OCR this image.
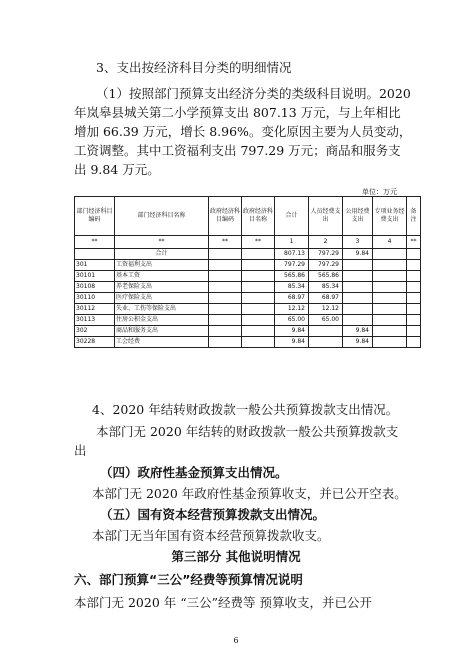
3、支出按经济科目分类的明细情况
（1）按照部门预算支出经济分类的类级科目说明。2020
年岚皋县城关第二小学预算支出 807.13 万元，与上年相比
增加 66.39 万元，增长 8.96%。变化原因主要为人员变动，
工资调整。其中工资福利支出 797.29 万元；商品和服务支
出 9.84 万元。
单位：万元
部门经济科目编码	部门经济科目名称	政府经济科目编码	政府经济科目名称	合计	人员经费支出	公用经费支出	专项业务经费支出	备注
**	**	**	**	1	2	3	4	**
	合计			807.13	797.29	9.84		
301	工资福利支出			797.29	797.29			
30101	基本工资			565.86	565.86			
30108	养老保险支出			85.34	85.34			
30110	医疗保险支出			68.97	68.97			
30112	失业、工伤等保险支出			12.12	12.12			
30113	住房公积金支出			65.00	65.00			
302	商品和服务支出			9.84		9.84		
30228	工会经费			9.84		9.84		
4、2020 年结转财政拨款一般公共预算拨款支出情况。
本部门无 2020 年结转的财政拨款一般公共预算拨款支
出
（四）政府性基金预算支出情况。
本部门无 2020 年政府性基金预算收支，并已公开空表。
（五）国有资本经营预算拨款支出情况。
本部门无当年国有资本经营预算拨款收支。
第三部分 其他说明情况
六、部门预算“三公”经费等预算情况说明
本部门无 2020 年 “三公”经费等 预算收支，并已公开
6
